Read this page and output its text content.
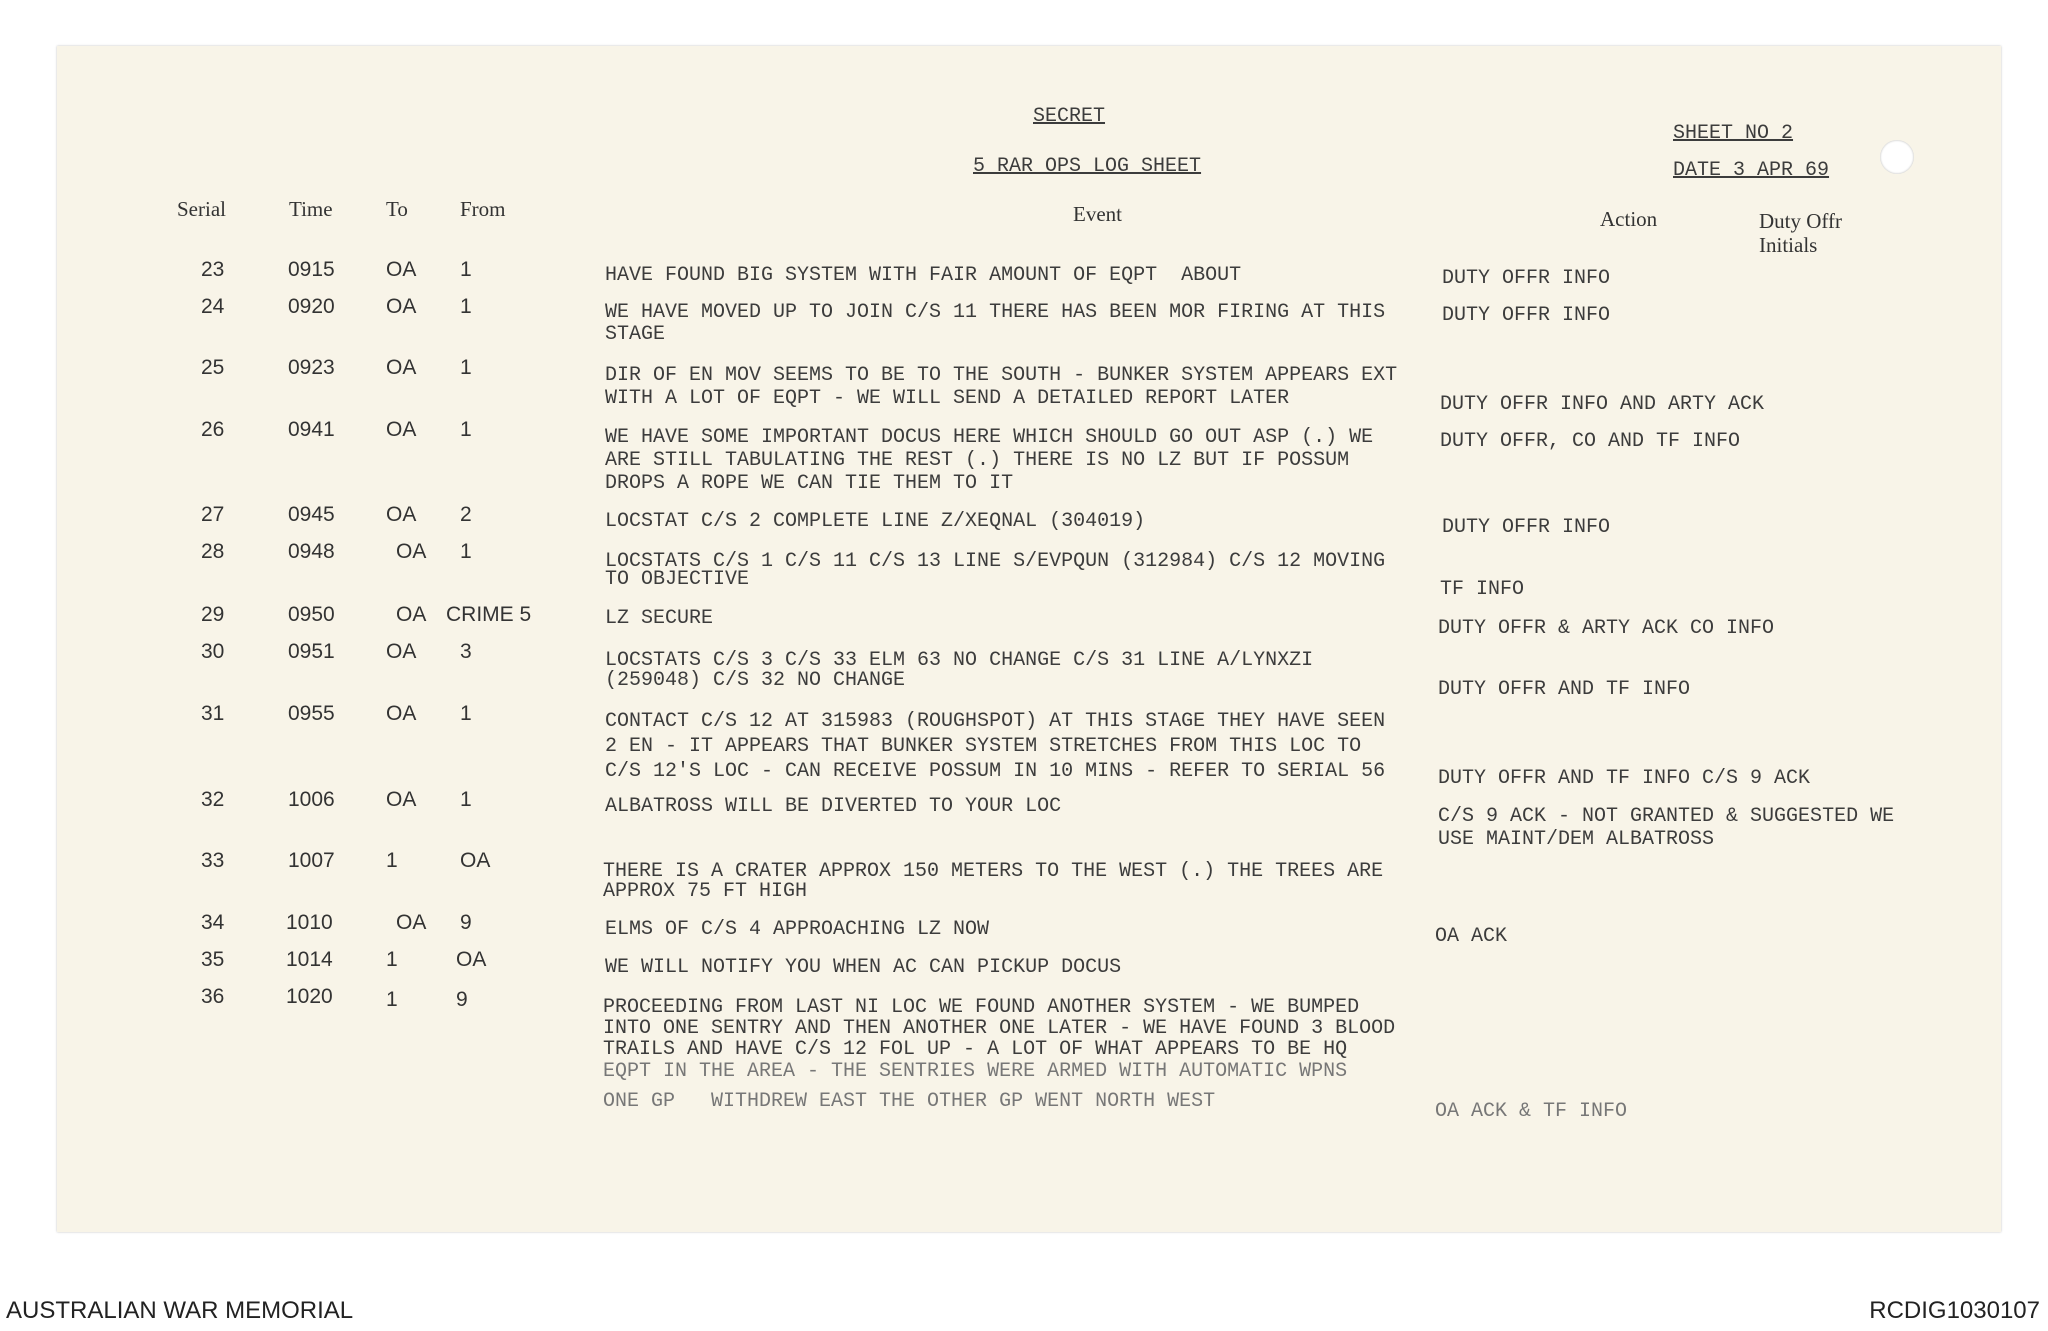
SECRET
5 RAR OPS LOG SHEET
SHEET NO 2
DATE 3 APR 69
Serial	Time	To From	Event	Action	Duty Offr
Initials
23	0915 OA 1	HAVE FOUND BIG SYSTEM WITH FAIR AMOUNT OF EQPT  ABOUT	DUTY OFFR INFO
24	0920 OA 1	WE HAVE MOVED UP TO JOIN C/S 11 THERE HAS BEEN MOR FIRING AT THIS
STAGE
DUTY OFFR INFO
25	0923 OA 1	DIR OF EN MOV SEEMS TO BE TO THE SOUTH - BUNKER SYSTEM APPEARS EXT
WITH A LOT OF EQPT - WE WILL SEND A DETAILED REPORT LATER	DUTY OFFR INFO AND ARTY ACK
26	0941 OA 1	WE HAVE SOME IMPORTANT DOCUS HERE WHICH SHOULD GO OUT ASP (.) WE
ARE STILL TABULATING THE REST (.) THERE IS NO LZ BUT IF POSSUM
DROPS A ROPE WE CAN TIE THEM TO IT
DUTY OFFR, CO AND TF INFO
27	0945 OA 2	LOCSTAT C/S 2 COMPLETE LINE Z/XEQNAL (304019)	DUTY OFFR INFO
28	0948	OA 1	LOCSTATS C/S 1 C/S 11 C/S 13 LINE S/EVPQUN (312984) C/S 12 MOVING
TO OBJECTIVE	TF INFO
29	0950	OA CRIME 5	LZ SECURE	DUTY OFFR & ARTY ACK CO INFO
30	0951 OA 3	LOCSTATS C/S 3 C/S 33 ELM 63 NO CHANGE C/S 31 LINE A/LYNXZI
(259048) C/S 32 NO CHANGE	DUTY OFFR AND TF INFO
31	0955 OA 1	CONTACT C/S 12 AT 315983 (ROUGHSPOT) AT THIS STAGE THEY HAVE SEEN
2 EN - IT APPEARS THAT BUNKER SYSTEM STRETCHES FROM THIS LOC TO
C/S 12'S LOC - CAN RECEIVE POSSUM IN 10 MINS - REFER TO SERIAL 56	DUTY OFFR AND TF INFO C/S 9 ACK
32	1006 OA 1	ALBATROSS WILL BE DIVERTED TO YOUR LOC	C/S 9 ACK - NOT GRANTED & SUGGESTED WE
USE MAINT/DEM ALBATROSS
33	1007 1	OA	THERE IS A CRATER APPROX 150 METERS TO THE WEST (.) THE TREES ARE
APPROX 75 FT HIGH
34	1010	OA 9	ELMS OF C/S 4 APPROACHING LZ NOW	OA ACK
35	1014	1	OA	WE WILL NOTIFY YOU WHEN AC CAN PICKUP DOCUS
36	1020	1	9	PROCEEDING FROM LAST NI LOC WE FOUND ANOTHER SYSTEM - WE BUMPED
INTO ONE SENTRY AND THEN ANOTHER ONE LATER - WE HAVE FOUND 3 BLOOD
TRAILS AND HAVE C/S 12 FOL UP - A LOT OF WHAT APPEARS TO BE HQ
EQPT IN THE AREA - THE SENTRIES WERE ARMED WITH AUTOMATIC WPNS
ONE GP   WITHDREW EAST THE OTHER GP WENT NORTH WEST	OA ACK & TF INFO
AUSTRALIAN WAR MEMORIAL	RCDIG1030107
